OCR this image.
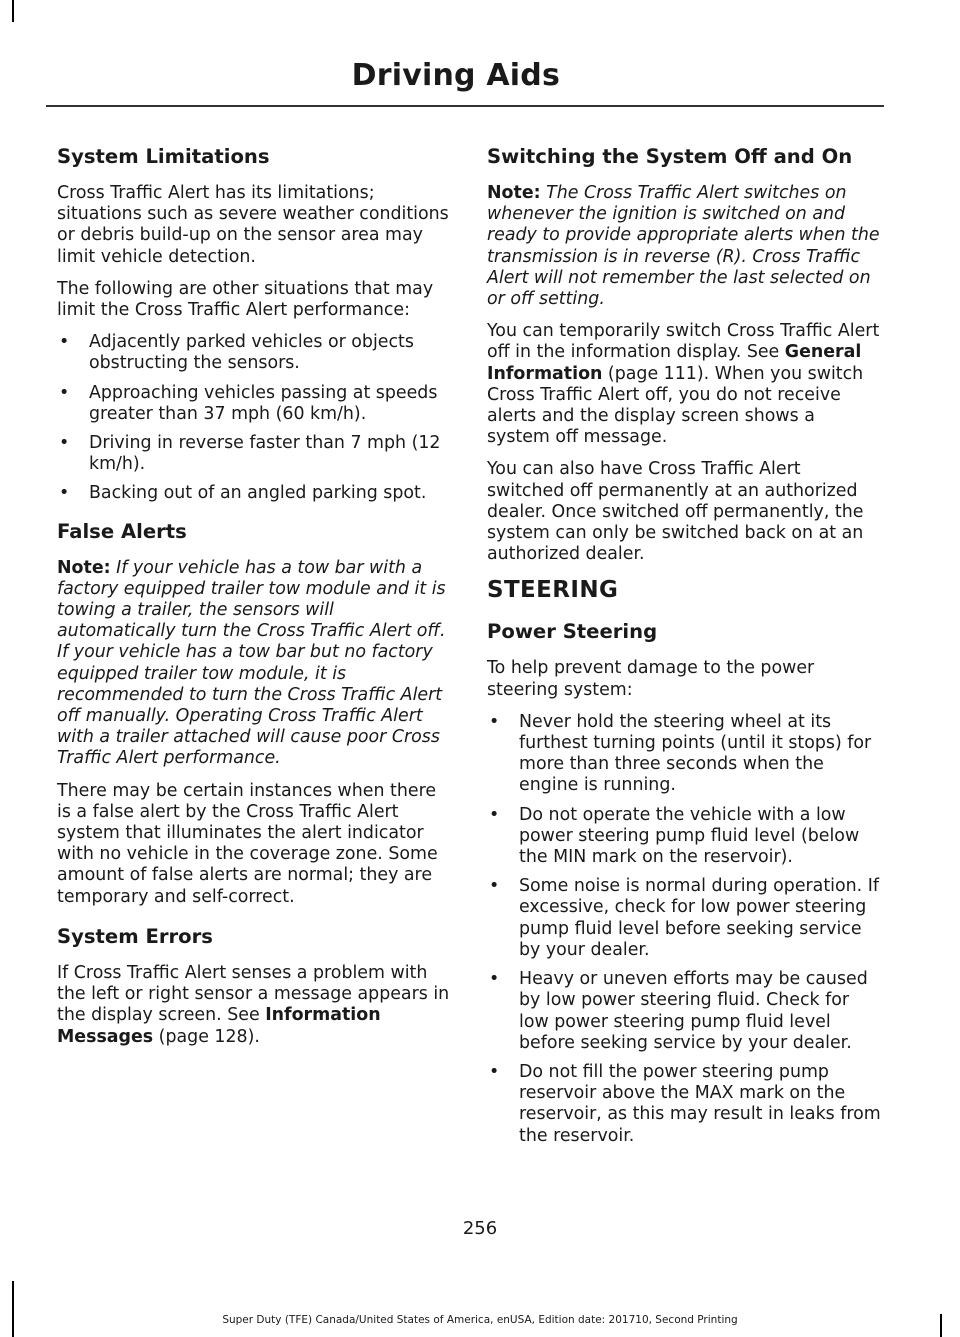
Driving Aids
System Limitations

Cross Traffic Alert has its limitations; situations such as severe weather conditions or debris build-up on the sensor area may limit vehicle detection.

The following are other situations that may limit the Cross Traffic Alert performance:

• Adjacently parked vehicles or objects obstructing the sensors.
• Approaching vehicles passing at speeds greater than 37 mph (60 km/h).
• Driving in reverse faster than 7 mph (12 km/h).
• Backing out of an angled parking spot.
False Alerts

Note: If your vehicle has a tow bar with a factory equipped trailer tow module and it is towing a trailer, the sensors will automatically turn the Cross Traffic Alert off. If your vehicle has a tow bar but no factory equipped trailer tow module, it is recommended to turn the Cross Traffic Alert off manually. Operating Cross Traffic Alert with a trailer attached will cause poor Cross Traffic Alert performance.

There may be certain instances when there is a false alert by the Cross Traffic Alert system that illuminates the alert indicator with no vehicle in the coverage zone. Some amount of false alerts are normal; they are temporary and self-correct.

System Errors

If Cross Traffic Alert senses a problem with the left or right sensor a message appears in the display screen. See Information Messages (page 128).

Switching the System Off and On

Note: The Cross Traffic Alert switches on whenever the ignition is switched on and ready to provide appropriate alerts when the transmission is in reverse (R). Cross Traffic Alert will not remember the last selected on or off setting.

You can temporarily switch Cross Traffic Alert off in the information display. See General Information (page 111). When you switch Cross Traffic Alert off, you do not receive alerts and the display screen shows a system off message.

You can also have Cross Traffic Alert switched off permanently at an authorized dealer. Once switched off permanently, the system can only be switched back on at an authorized dealer.

STEERING
Power Steering

To help prevent damage to the power steering system:

• Never hold the steering wheel at its furthest turning points (until it stops) for more than three seconds when the engine is running.
• Do not operate the vehicle with a low power steering pump fluid level (below the MIN mark on the reservoir).
• Some noise is normal during operation. If excessive, check for low power steering pump fluid level before seeking service by your dealer.
• Heavy or uneven efforts may be caused by low power steering fluid. Check for low power steering pump fluid level before seeking service by your dealer.
• Do not fill the power steering pump reservoir above the MAX mark on the reservoir, as this may result in leaks from the reservoir.
256
Super Duty (TFE) Canada/United States of America, enUSA, Edition date: 201710, Second Printing
